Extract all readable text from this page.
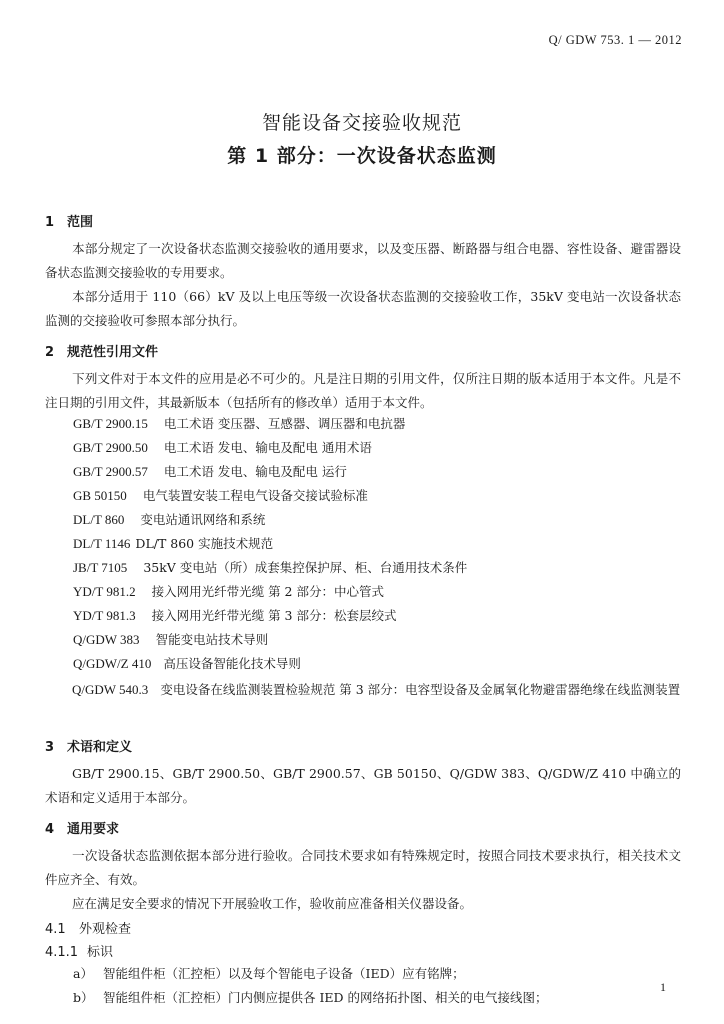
Q/ GDW 753. 1 — 2012
智能设备交接验收规范
第 1 部分：一次设备状态监测
1 范围
本部分规定了一次设备状态监测交接验收的通用要求，以及变压器、断路器与组合电器、容性设备、避雷器设备状态监测交接验收的专用要求。
本部分适用于 110（66）kV 及以上电压等级一次设备状态监测的交接验收工作，35kV 变电站一次设备状态监测的交接验收可参照本部分执行。
2 规范性引用文件
下列文件对于本文件的应用是必不可少的。凡是注日期的引用文件，仅所注日期的版本适用于本文件。凡是不注日期的引用文件，其最新版本（包括所有的修改单）适用于本文件。
GB/T 2900.15 电工术语 变压器、互感器、调压器和电抗器
GB/T 2900.50 电工术语 发电、输电及配电 通用术语
GB/T 2900.57 电工术语 发电、输电及配电 运行
GB 50150 电气装置安装工程电气设备交接试验标准
DL/T 860 变电站通讯网络和系统
DL/T 1146 DL/T 860 实施技术规范
JB/T 7105 35kV 变电站（所）成套集控保护屏、柜、台通用技术条件
YD/T 981.2 接入网用光纤带光缆 第 2 部分：中心管式
YD/T 981.3 接入网用光纤带光缆 第 3 部分：松套层绞式
Q/GDW 383 智能变电站技术导则
Q/GDW/Z 410 高压设备智能化技术导则
Q/GDW 540.3 变电设备在线监测装置检验规范 第 3 部分：电容型设备及金属氧化物避雷器绝缘在线监测装置
3 术语和定义
GB/T 2900.15、GB/T 2900.50、GB/T 2900.57、GB 50150、Q/GDW 383、Q/GDW/Z 410 中确立的术语和定义适用于本部分。
4 通用要求
一次设备状态监测依据本部分进行验收。合同技术要求如有特殊规定时，按照合同技术要求执行，相关技术文件应齐全、有效。
应在满足安全要求的情况下开展验收工作，验收前应准备相关仪器设备。
4.1 外观检查
4.1.1 标识
a） 智能组件柜（汇控柜）以及每个智能电子设备（IED）应有铭牌；
b） 智能组件柜（汇控柜）门内侧应提供各 IED 的网络拓扑图、相关的电气接线图；
1
